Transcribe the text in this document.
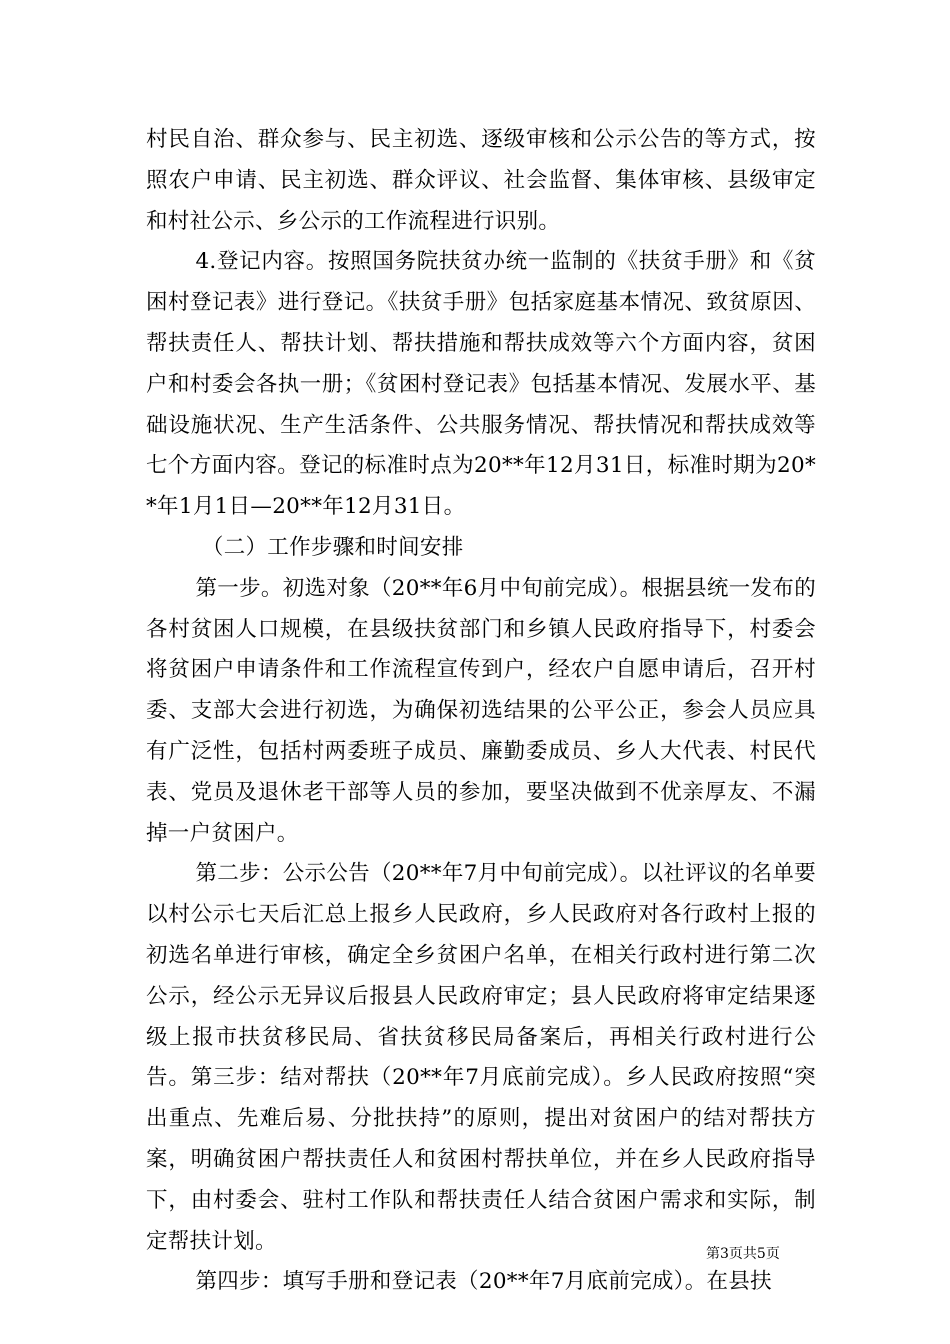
村民自治、群众参与、民主初选、逐级审核和公示公告的等方式，按照农户申请、民主初选、群众评议、社会监督、集体审核、县级审定和村社公示、乡公示的工作流程进行识别。

4.登记内容。按照国务院扶贫办统一监制的《扶贫手册》和《贫困村登记表》进行登记。《扶贫手册》包括家庭基本情况、致贫原因、帮扶责任人、帮扶计划、帮扶措施和帮扶成效等六个方面内容，贫困户和村委会各执一册；《贫困村登记表》包括基本情况、发展水平、基础设施状况、生产生活条件、公共服务情况、帮扶情况和帮扶成效等七个方面内容。登记的标准时点为20**年12月31日，标准时期为20**年1月1日—20**年12月31日。

（二）工作步骤和时间安排

第一步。初选对象（20**年6月中旬前完成）。根据县统一发布的各村贫困人口规模，在县级扶贫部门和乡镇人民政府指导下，村委会将贫困户申请条件和工作流程宣传到户，经农户自愿申请后，召开村委、支部大会进行初选，为确保初选结果的公平公正，参会人员应具有广泛性，包括村两委班子成员、廉勤委成员、乡人大代表、村民代表、党员及退休老干部等人员的参加，要坚决做到不优亲厚友、不漏掉一户贫困户。

第二步：公示公告（20**年7月中旬前完成）。以社评议的名单要以村公示七天后汇总上报乡人民政府，乡人民政府对各行政村上报的初选名单进行审核，确定全乡贫困户名单，在相关行政村进行第二次公示，经公示无异议后报县人民政府审定；县人民政府将审定结果逐级上报市扶贫移民局、省扶贫移民局备案后，再相关行政村进行公告。第三步：结对帮扶（20**年7月底前完成）。乡人民政府按照“突出重点、先难后易、分批扶持”的原则，提出对贫困户的结对帮扶方案，明确贫困户帮扶责任人和贫困村帮扶单位，并在乡人民政府指导下，由村委会、驻村工作队和帮扶责任人结合贫困户需求和实际，制定帮扶计划。

第四步：填写手册和登记表（20**年7月底前完成）。在县扶

第3页共5页
